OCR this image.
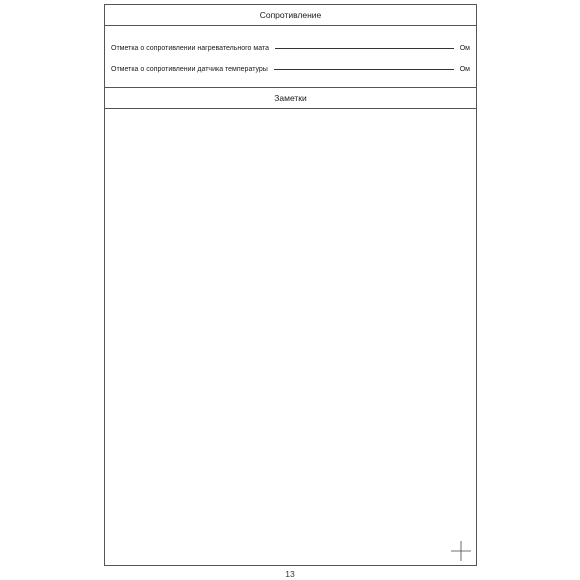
Сопротивление
Отметка о сопротивлении нагревательного мата	Ом
Отметка о сопротивлении датчика температуры	Ом
Заметки
13
